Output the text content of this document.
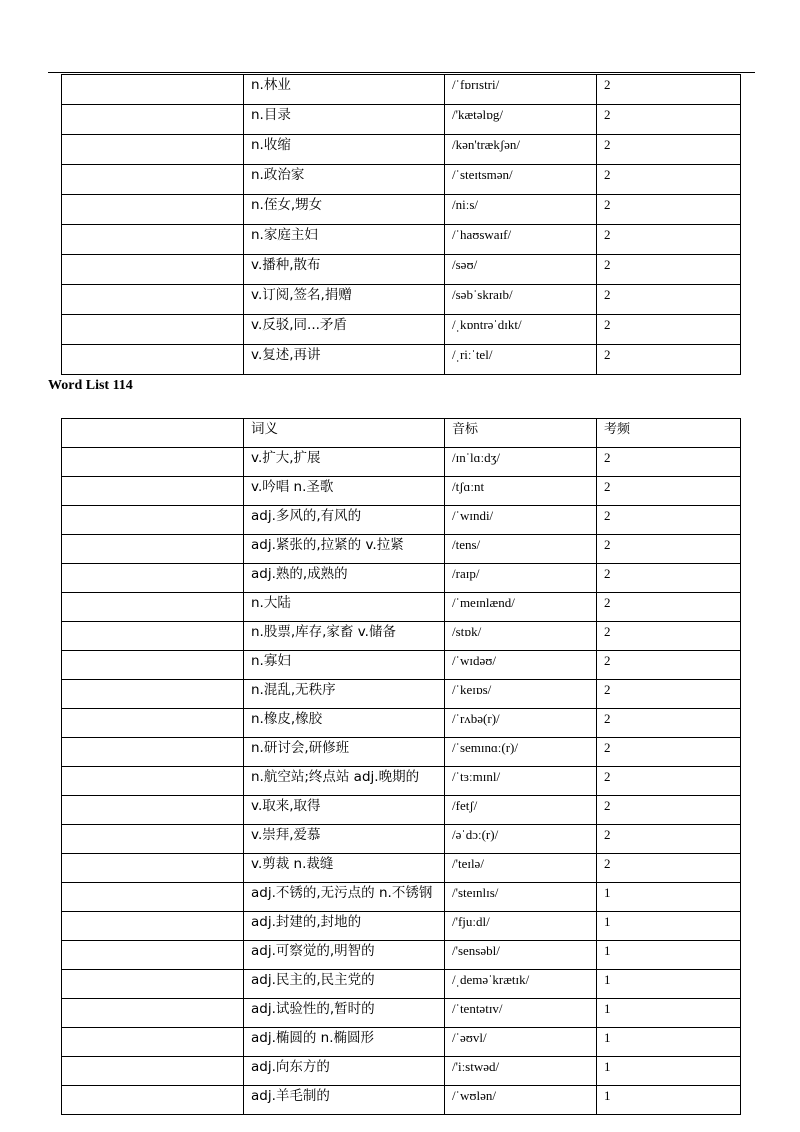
	n.林业	/ˈfɒrɪstri/	2
	n.目录	/'kætəlɒg/	2
	n.收缩	/kən'trækʃən/	2
	n.政治家	/ˈsteɪtsmən/	2
	n.侄女,甥女	/niːs/	2
	n.家庭主妇	/ˈhaʊswaɪf/	2
	v.播种,散布	/səʊ/	2
	v.订阅,签名,捐赠	/səbˈskraɪb/	2
	v.反驳,同...矛盾	/ˌkɒntrəˈdɪkt/	2
	v.复述,再讲	/ˌriːˈtel/	2
Word List 114
	词义	音标	考频
	v.扩大,扩展	/ɪnˈlɑːdʒ/	2
	v.吟唱 n.圣歌	/tʃɑːnt	2
	adj.多风的,有风的	/ˈwɪndi/	2
	adj.紧张的,拉紧的 v.拉紧	/tens/	2
	adj.熟的,成熟的	/raɪp/	2
	n.大陆	/ˈmeɪnlænd/	2
	n.股票,库存,家畜 v.储备	/stɒk/	2
	n.寡妇	/ˈwɪdəʊ/	2
	n.混乱,无秩序	/ˈkeɪɒs/	2
	n.橡皮,橡胶	/ˈrʌbə(r)/	2
	n.研讨会,研修班	/ˈsemɪnɑː(r)/	2
	n.航空站;终点站 adj.晚期的	/ˈtɜːmɪnl/	2
	v.取来,取得	/fetʃ/	2
	v.崇拜,爱慕	/əˈdɔː(r)/	2
	v.剪裁 n.裁缝	/'teɪlə/	2
	adj.不锈的,无污点的 n.不锈钢	/'steɪnlɪs/	1
	adj.封建的,封地的	/'fjuːdl/	1
	adj.可察觉的,明智的	/'sensəbl/	1
	adj.民主的,民主党的	/ˌdeməˈkrætɪk/	1
	adj.试验性的,暂时的	/ˈtentətɪv/	1
	adj.椭圆的 n.椭圆形	/ˈəʊvl/	1
	adj.向东方的	/'iːstwəd/	1
	adj.羊毛制的	/ˈwʊlən/	1
